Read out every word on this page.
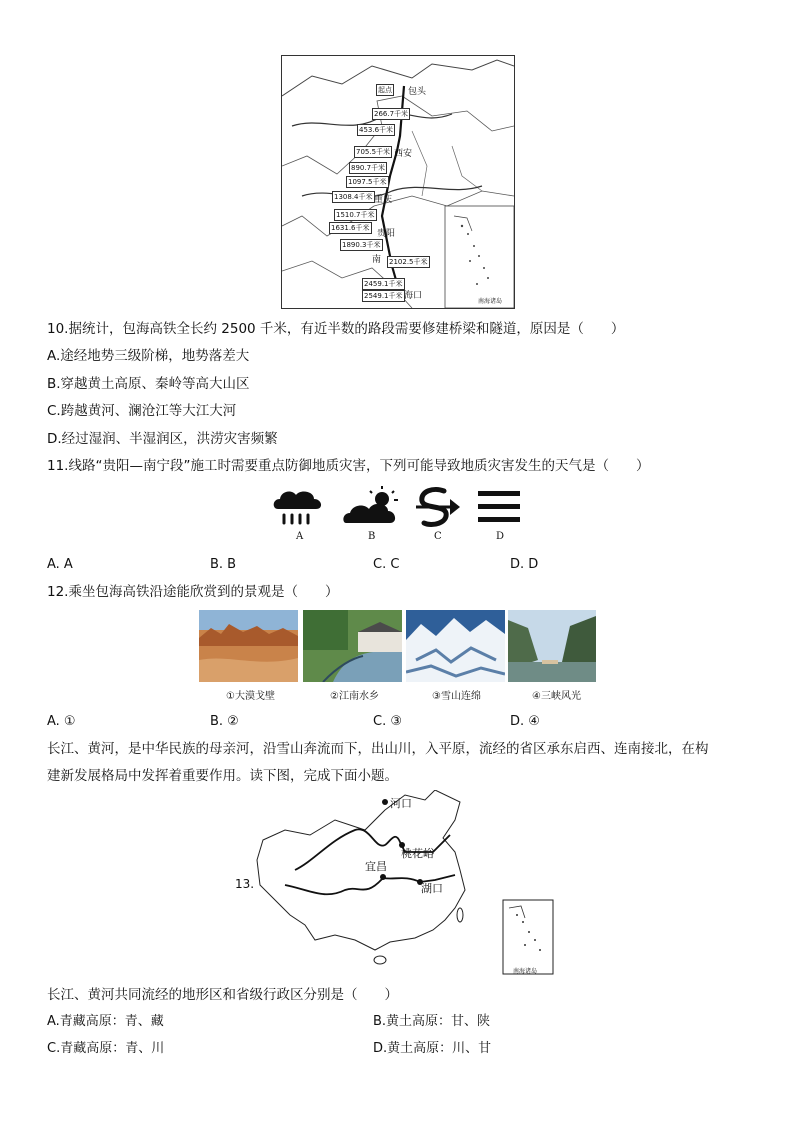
起点
266.7千米
453.6千米
705.5千米
890.7千米
1097.5千米
1308.4千米
1510.7千米
1631.6千米
1890.3千米
2102.5千米
2459.1千米
2549.1千米
包头
西安
重庆
贵阳
南
海口
南海诸岛
10.据统计，包海高铁全长约 2500 千米，有近半数的路段需要修建桥梁和隧道，原因是（　　）
A.途经地势三级阶梯，地势落差大
B.穿越黄土高原、秦岭等高大山区
C.跨越黄河、澜沧江等大江大河
D.经过湿润、半湿润区，洪涝灾害频繁
11.线路“贵阳—南宁段”施工时需要重点防御地质灾害，下列可能导致地质灾害发生的天气是（　　）
A	B	C	D
A. A	B. B	C. C	D. D
12.乘坐包海高铁沿途能欣赏到的景观是（　　）
①大漠戈壁	②江南水乡	③雪山连绵	④三峡风光
A. ①	B. ②	C. ③	D. ④
长江、黄河，是中华民族的母亲河，沿雪山奔流而下，出山川，入平原，流经的省区承东启西、连南接北，在构
建新发展格局中发挥着重要作用。读下图，完成下面小题。
河口
桃花峪
宜昌
湖口
南海诸岛
13.
长江、黄河共同流经的地形区和省级行政区分别是（　　）
A.青藏高原：青、藏	B.黄土高原：甘、陕
C.青藏高原：青、川	D.黄土高原：川、甘
